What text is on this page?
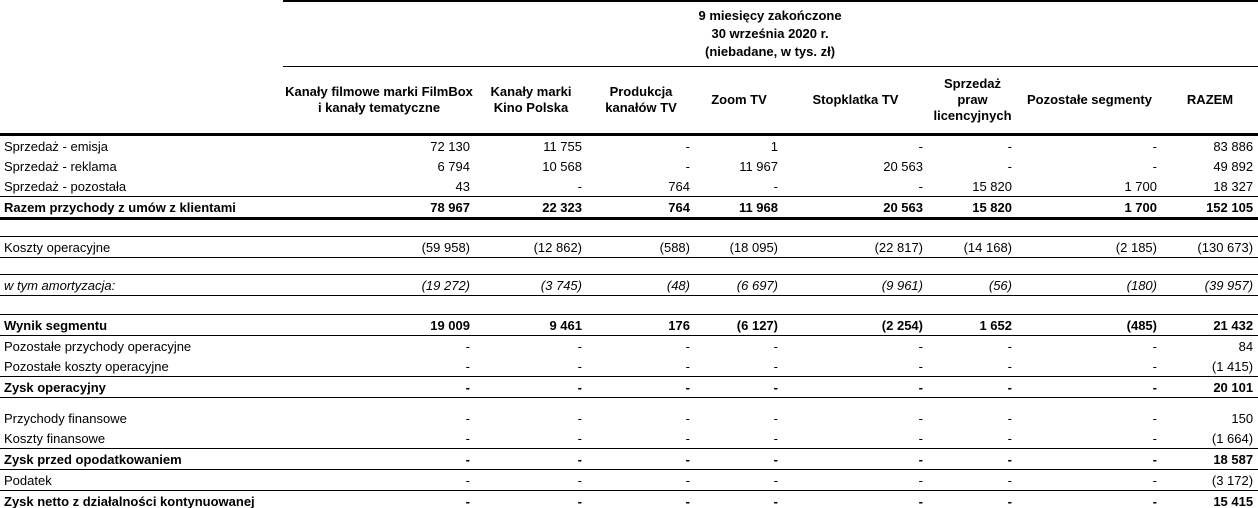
	9 miesięcy zakończone
30 września 2020 r.
(niebadane, w tys. zł)							

	Kanały filmowe marki FilmBox i kanały tematyczne	Kanały marki Kino Polska	Produkcja kanałów TV	Zoom TV	Stopklatka TV	Sprzedaż praw licencyjnych	Pozostałe segmenty	RAZEM
Sprzedaż - emisja	72 130	11 755	-	1	-	-	-	83 886
Sprzedaż - reklama	6 794	10 568	-	11 967	20 563	-	-	49 892
Sprzedaż - pozostała	43	-	764	-	-	15 820	1 700	18 327
Razem przychody z umów z klientami	78 967	22 323	764	11 968	20 563	15 820	1 700	152 105

Koszty operacyjne	(59 958)	(12 862)	(588)	(18 095)	(22 817)	(14 168)	(2 185)	(130 673)

w tym amortyzacja:	(19 272)	(3 745)	(48)	(6 697)	(9 961)	(56)	(180)	(39 957)

Wynik segmentu	19 009	9 461	176	(6 127)	(2 254)	1 652	(485)	21 432
Pozostałe przychody operacyjne	-	-	-	-	-	-	-	84
Pozostałe koszty operacyjne	-	-	-	-	-	-	-	(1 415)
Zysk operacyjny	-	-	-	-	-	-	-	20 101

Przychody finansowe	-	-	-	-	-	-	-	150
Koszty finansowe	-	-	-	-	-	-	-	(1 664)
Zysk przed opodatkowaniem	-	-	-	-	-	-	-	18 587
Podatek	-	-	-	-	-	-	-	(3 172)
Zysk netto z działalności kontynuowanej	-	-	-	-	-	-	-	15 415
